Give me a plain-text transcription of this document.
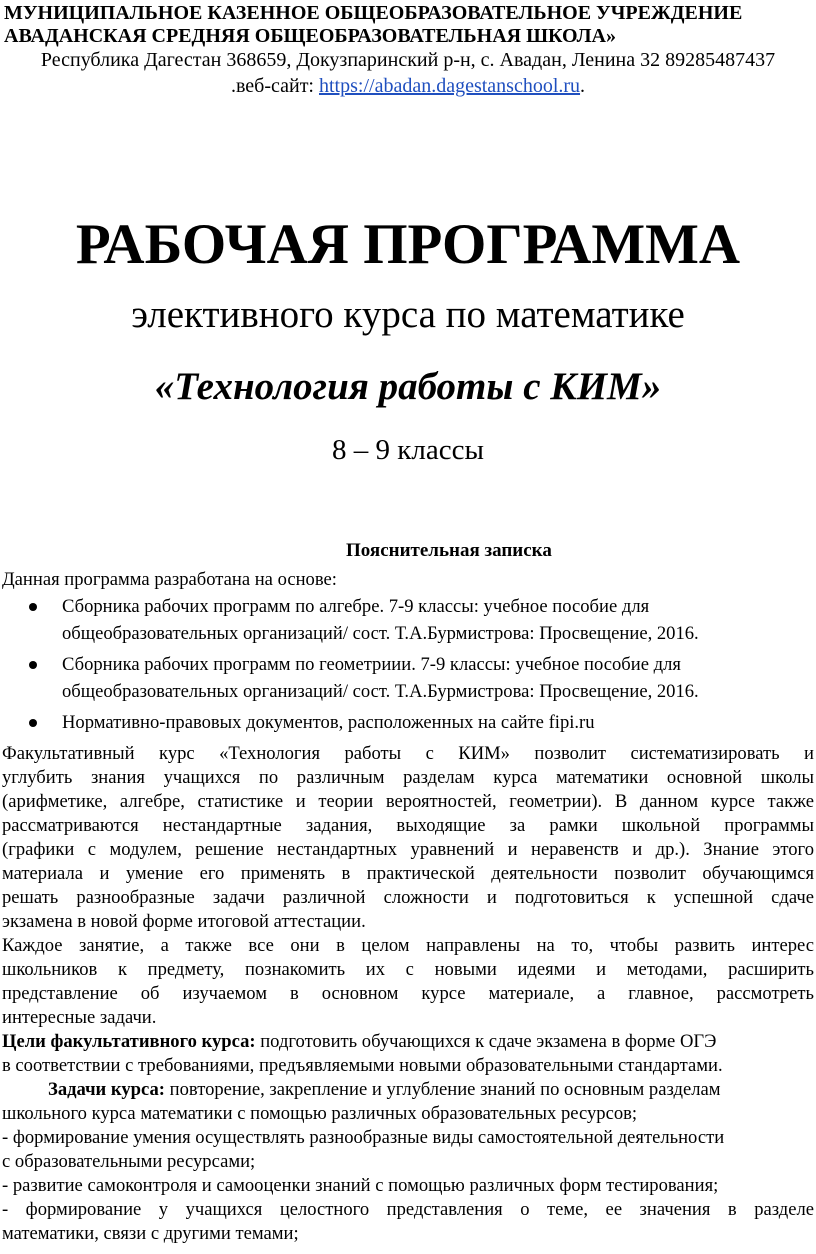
МУНИЦИПАЛЬНОЕ КАЗЕННОЕ ОБЩЕОБРАЗОВАТЕЛЬНОЕ УЧРЕЖДЕНИЕ
АВАДАНСКАЯ СРЕДНЯЯ ОБЩЕОБРАЗОВАТЕЛЬНАЯ ШКОЛА»
Республика Дагестан 368659, Докузпаринский р-н, с. Авадан, Ленина 32 89285487437
.веб-сайт: https://abadan.dagestanschool.ru.
РАБОЧАЯ ПРОГРАММА
элективного курса по математике
«Технология работы с КИМ»
8 – 9 классы
Пояснительная записка
Данная программа разработана на основе:
Сборника рабочих программ по алгебре. 7-9 классы: учебное пособие для
общеобразовательных организаций/ сост. Т.А.Бурмистрова: Просвещение, 2016.
Сборника рабочих программ по геометриии. 7-9 классы: учебное пособие для
общеобразовательных организаций/ сост. Т.А.Бурмистрова: Просвещение, 2016.
Нормативно-правовых документов, расположенных на сайте fipi.ru
Факультативный курс «Технология работы с КИМ» позволит систематизировать и
углубить знания учащихся по различным разделам курса математики основной школы
(арифметике, алгебре, статистике и теории вероятностей, геометрии). В данном курсе также
рассматриваются нестандартные задания, выходящие за рамки школьной программы
(графики с модулем, решение нестандартных уравнений и неравенств и др.). Знание этого
материала и умение его применять в практической деятельности позволит обучающимся
решать разнообразные задачи различной сложности и подготовиться к успешной сдаче
экзамена в новой форме итоговой аттестации.
Каждое занятие, а также все они в целом направлены на то, чтобы развить интерес
школьников к предмету, познакомить их с новыми идеями и методами, расширить
представление об изучаемом в основном курсе материале, а главное, рассмотреть
интересные задачи.
Цели факультативного курса: подготовить обучающихся к сдаче экзамена в форме ОГЭ
в соответствии с требованиями, предъявляемыми новыми образовательными стандартами.
Задачи курса: повторение, закрепление и углубление знаний по основным разделам
школьного курса математики с помощью различных образовательных ресурсов;
- формирование умения осуществлять разнообразные виды самостоятельной деятельности
с образовательными ресурсами;
- развитие самоконтроля и самооценки знаний с помощью различных форм тестирования;
- формирование у учащихся целостного представления о теме, ее значения в разделе
математики, связи с другими темами;
